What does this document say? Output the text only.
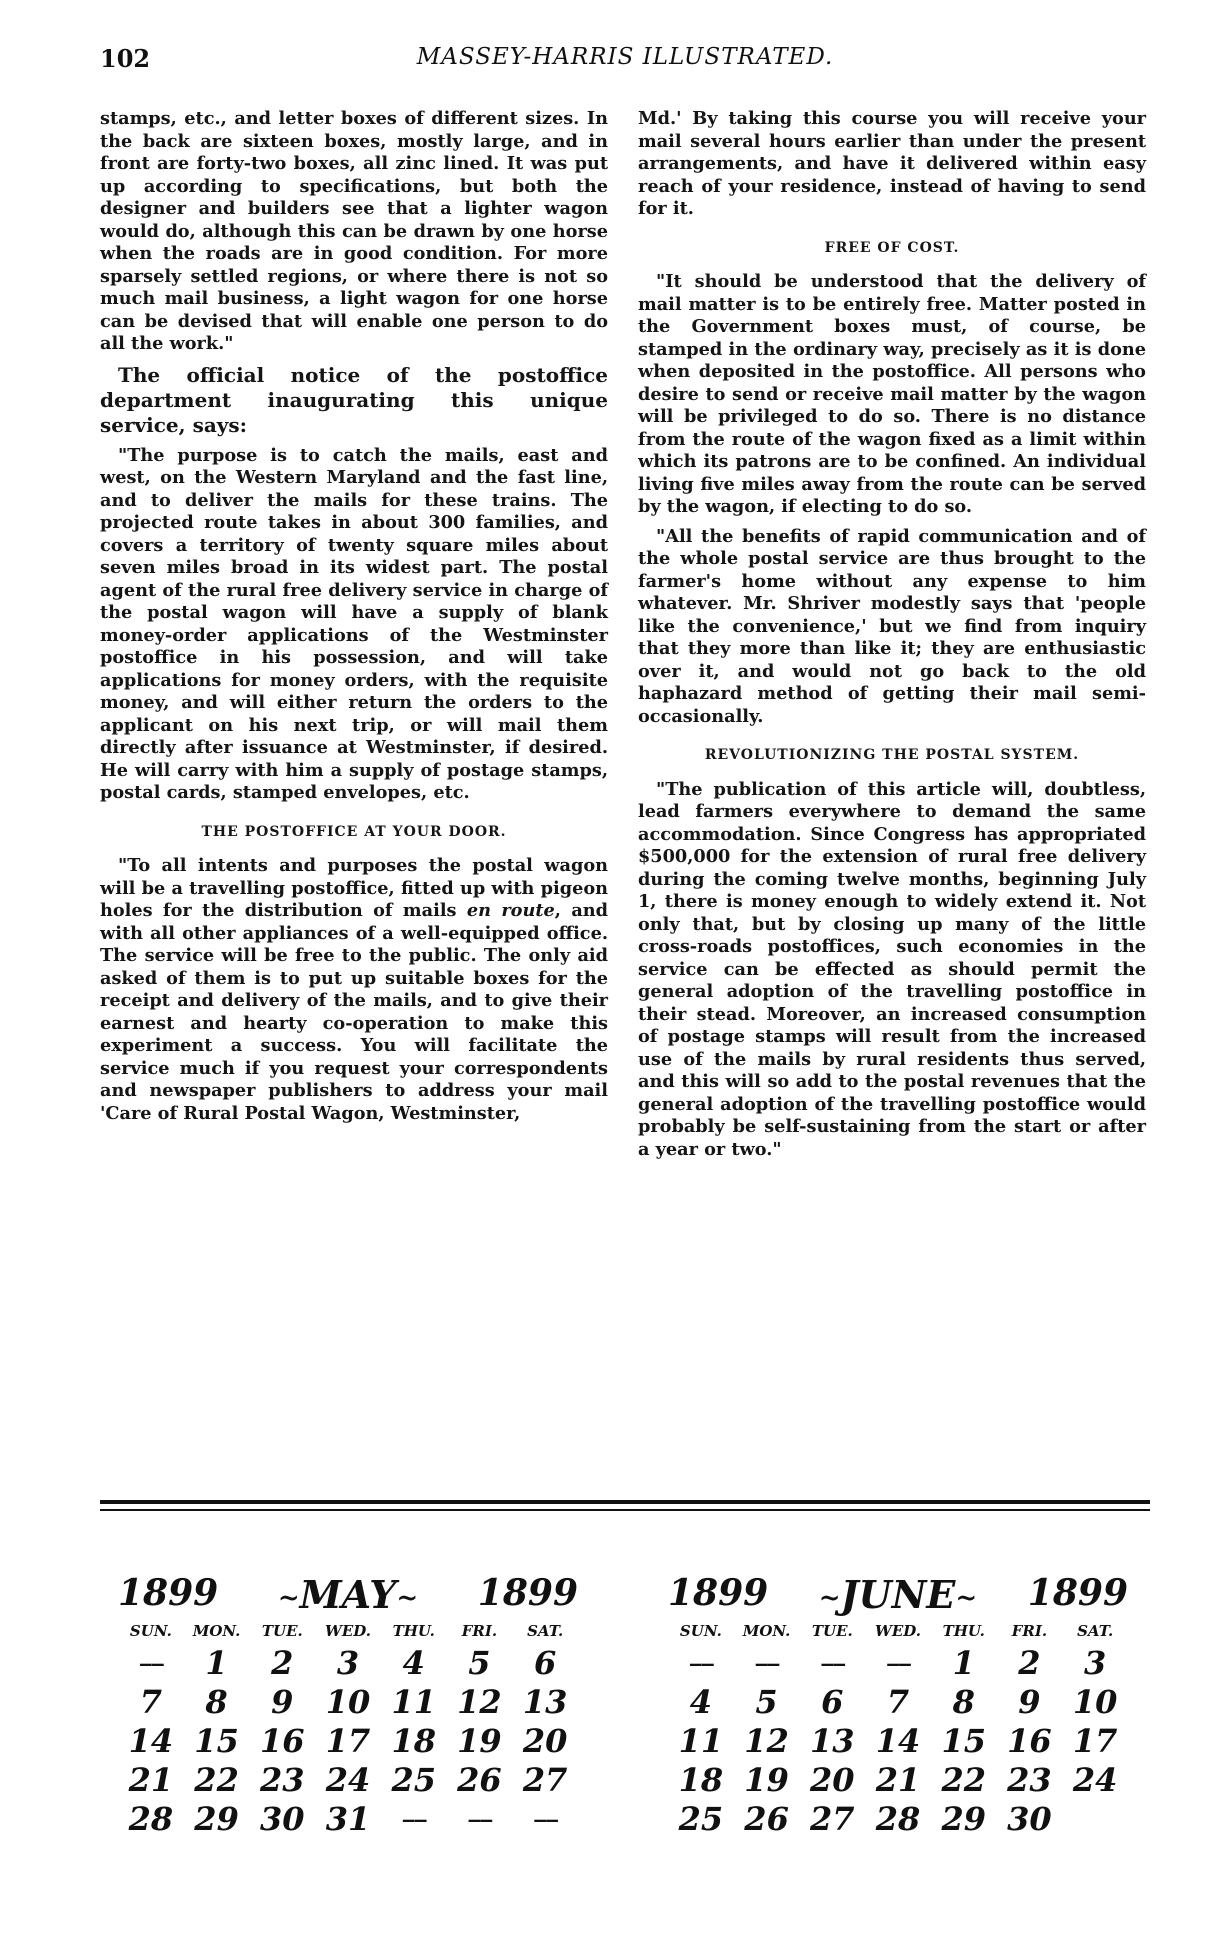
102	MASSEY-HARRIS ILLUSTRATED.

stamps, etc., and letter boxes of different sizes. In the back are sixteen boxes, mostly large, and in front are forty-two boxes, all zinc lined. It was put up according to specifications, but both the designer and builders see that a lighter wagon would do, although this can be drawn by one horse when the roads are in good condition. For more sparsely settled regions, or where there is not so much mail business, a light wagon for one horse can be devised that will enable one person to do all the work."

The official notice of the postoffice department inaugurating this unique service, says:

"The purpose is to catch the mails, east and west, on the Western Maryland and the fast line, and to deliver the mails for these trains. The projected route takes in about 300 families, and covers a territory of twenty square miles about seven miles broad in its widest part. The postal agent of the rural free delivery service in charge of the postal wagon will have a supply of blank money-order applications of the Westminster postoffice in his possession, and will take applications for money orders, with the requisite money, and will either return the orders to the applicant on his next trip, or will mail them directly after issuance at Westminster, if desired. He will carry with him a supply of postage stamps, postal cards, stamped envelopes, etc.

THE POSTOFFICE AT YOUR DOOR.

"To all intents and purposes the postal wagon will be a travelling postoffice, fitted up with pigeon holes for the distribution of mails en route, and with all other appliances of a well-equipped office. The service will be free to the public. The only aid asked of them is to put up suitable boxes for the receipt and delivery of the mails, and to give their earnest and hearty co-operation to make this experiment a success. You will facilitate the service much if you request your correspondents and newspaper publishers to address your mail 'Care of Rural Postal Wagon, Westminster,

Md.' By taking this course you will receive your mail several hours earlier than under the present arrangements, and have it delivered within easy reach of your residence, instead of having to send for it.

FREE OF COST.

"It should be understood that the delivery of mail matter is to be entirely free. Matter posted in the Government boxes must, of course, be stamped in the ordinary way, precisely as it is done when deposited in the postoffice. All persons who desire to send or receive mail matter by the wagon will be privileged to do so. There is no distance from the route of the wagon fixed as a limit within which its patrons are to be confined. An individual living five miles away from the route can be served by the wagon, if electing to do so.

"All the benefits of rapid communication and of the whole postal service are thus brought to the farmer's home without any expense to him whatever. Mr. Shriver modestly says that 'people like the convenience,' but we find from inquiry that they more than like it; they are enthusiastic over it, and would not go back to the old haphazard method of getting their mail semi-occasionally.

REVOLUTIONIZING THE POSTAL SYSTEM.

"The publication of this article will, doubtless, lead farmers everywhere to demand the same accommodation. Since Congress has appropriated $500,000 for the extension of rural free delivery during the coming twelve months, beginning July 1, there is money enough to widely extend it. Not only that, but by closing up many of the little cross-roads postoffices, such economies in the service can be effected as should permit the general adoption of the travelling postoffice in their stead. Moreover, an increased consumption of postage stamps will result from the increased use of the mails by rural residents thus served, and this will so add to the postal revenues that the general adoption of the travelling postoffice would probably be self-sustaining from the start or after a year or two."

1899	~MAY~	1899
SUN.	MON.	TUE.	WED.	THU.	FRI.	SAT.
‒‒	1	2	3	4	5	6
7	8	9	10 11 12 13
14 15 16 17 18 19 20
21 22 23 24 25 26 27
28 29 30 31	‒‒	‒‒	‒‒
1899	~JUNE~	1899
SUN.	MON.	TUE.	WED.	THU.	FRI.	SAT.
‒‒	‒‒	‒‒	‒‒	1	2	3
4	5	6	7	8	9	10
11 12 13 14 15 16 17
18 19 20 21 22 23 24
25 26 27 28 29 30
